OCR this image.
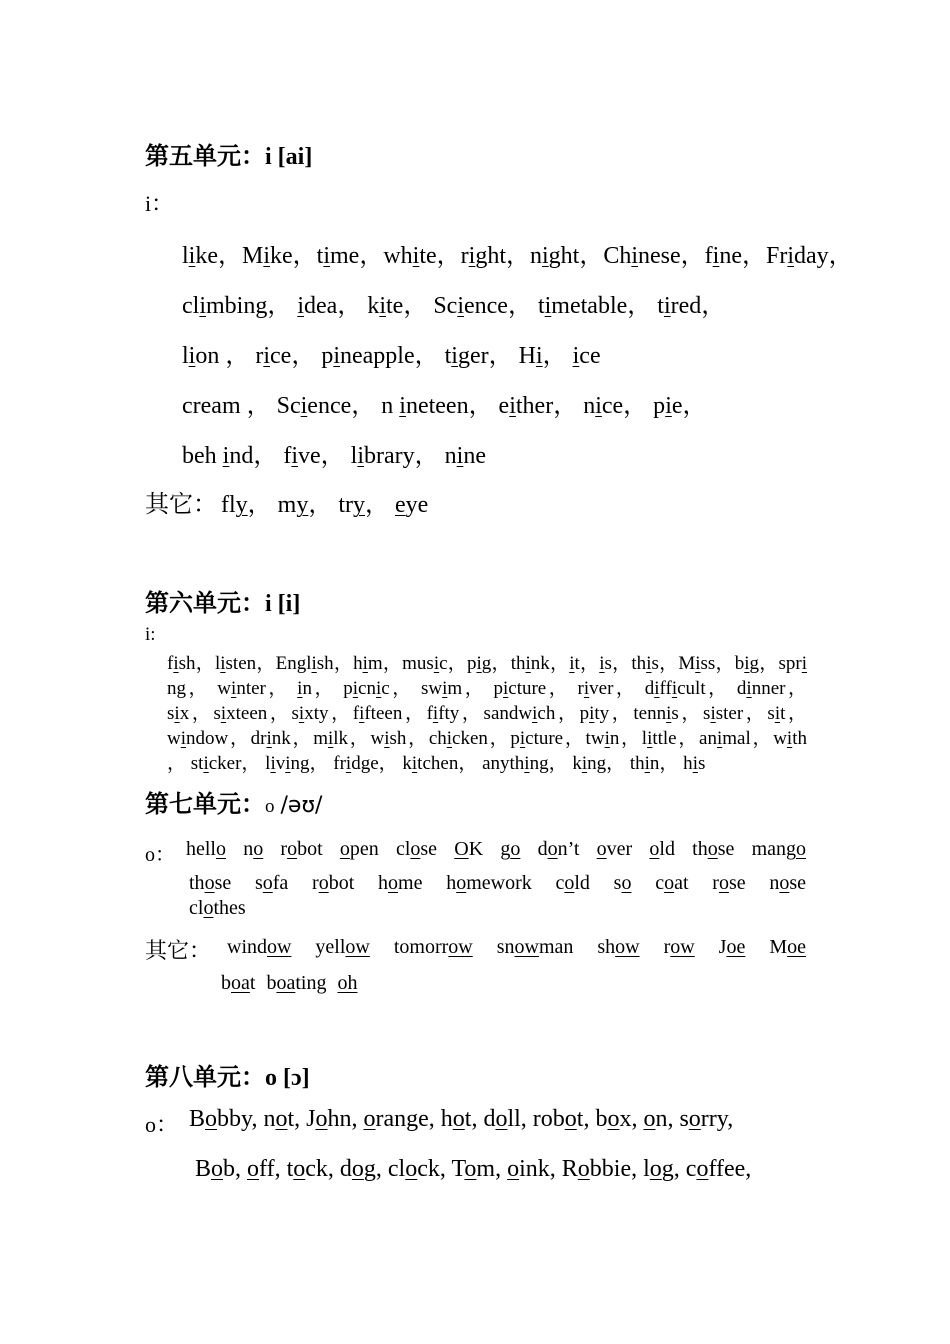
第五单元：i [ai]
i：
like，Mike，time，white，right，night，Chinese，fine，Friday，
climbing， idea， kite， Science， timetable， tired，
lion ， rice， pineapple， tiger， Hi， ice
cream ， Science， n ineteen， either， nice， pie，
beh ind， five， library， nine
其它： fly， my， try， eye
第六单元：i [i]
i:
fish，listen，English，him，music，pig，think，it，is，this，Miss，big，spri
ng， winter， in， picnic， swim， picture， river， difficult， dinner，
six，sixteen，sixty，fifteen，fifty，sandwich，pity，tennis，sister，sit，
window，drink，milk，wish，chicken，picture，twin，little，animal，with
， sticker， living， fridge， kitchen， anything， king， thin， his
第七单元：o /əʊ/
o： hello no robot open close OK go don’t over old those mango
those sofa robot home homework cold so coat rose nose
clothes
其它： window yellow tomorrow snowman show row Joe Moe
boat boating oh
第八单元：o [ɔ]
o： Bobby, not, John, orange, hot, doll, robot, box, on, sorry,
Bob, off, tock, dog, clock, Tom, oink, Robbie, log, coffee,
